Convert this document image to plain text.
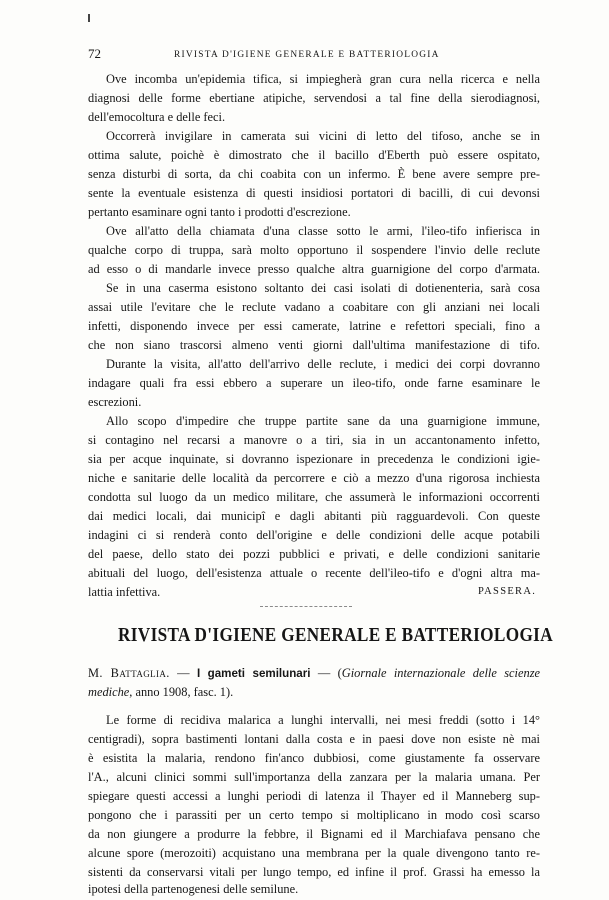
72	RIVISTA D'IGIENE GENERALE E BATTERIOLOGIA
Ove incomba un'epidemia tifica, si impiegherà gran cura nella ricerca e nella
diagnosi delle forme ebertiane atipiche, servendosi a tal fine della sierodiagnosi,
dell'emocoltura e delle feci.
Occorrerà invigilare in camerata sui vicini di letto del tifoso, anche se in
ottima salute, poichè è dimostrato che il bacillo d'Eberth può essere ospitato,
senza disturbi di sorta, da chi coabita con un infermo. È bene avere sempre pre-
sente la eventuale esistenza di questi insidiosi portatori di bacilli, di cui devonsi
pertanto esaminare ogni tanto i prodotti d'escrezione.
Ove all'atto della chiamata d'una classe sotto le armi, l'ileo-tifo infierisca in
qualche corpo di truppa, sarà molto opportuno il sospendere l'invio delle reclute
ad esso o di mandarle invece presso qualche altra guarnigione del corpo d'armata.
Se in una caserma esistono soltanto dei casi isolati di dotienenteria, sarà cosa
assai utile l'evitare che le reclute vadano a coabitare con gli anziani nei locali
infetti, disponendo invece per essi camerate, latrine e refettori speciali, fino a
che non siano trascorsi almeno venti giorni dall'ultima manifestazione di tifo.
Durante la visita, all'atto dell'arrivo delle reclute, i medici dei corpi dovranno
indagare quali fra essi ebbero a superare un ileo-tifo, onde farne esaminare le
escrezioni.
Allo scopo d'impedire che truppe partite sane da una guarnigione immune,
si contagino nel recarsi a manovre o a tiri, sia in un accantonamento infetto,
sia per acque inquinate, si dovranno ispezionare in precedenza le condizioni igie-
niche e sanitarie delle località da percorrere e ciò a mezzo d'una rigorosa inchiesta
condotta sul luogo da un medico militare, che assumerà le informazioni occorrenti
dai medici locali, dai municipî e dagli abitanti più ragguardevoli. Con queste
indagini ci si renderà conto dell'origine e delle condizioni delle acque potabili
del paese, dello stato dei pozzi pubblici e privati, e delle condizioni sanitarie
abituali del luogo, dell'esistenza attuale o recente dell'ileo-tifo e d'ogni altra ma-
lattia infettiva.	PASSERA.
RIVISTA D'IGIENE GENERALE E BATTERIOLOGIA
M. Battaglia. — I gameti semilunari — (Giornale internazionale delle scienze
mediche, anno 1908, fasc. 1).
Le forme di recidiva malarica a lunghi intervalli, nei mesi freddi (sotto i 14°
centigradi), sopra bastimenti lontani dalla costa e in paesi dove non esiste nè mai
è esistita la malaria, rendono fin'anco dubbiosi, come giustamente fa osservare
l'A., alcuni clinici sommi sull'importanza della zanzara per la malaria umana. Per
spiegare questi accessi a lunghi periodi di latenza il Thayer ed il Manneberg sup-
pongono che i parassiti per un certo tempo si moltiplicano in modo così scarso
da non giungere a produrre la febbre, il Bignami ed il Marchiafava pensano che
alcune spore (merozoiti) acquistano una membrana per la quale divengono tanto re-
sistenti da conservarsi vitali per lungo tempo, ed infine il prof. Grassi ha emesso la
ipotesi della partenogenesi delle semilune.
